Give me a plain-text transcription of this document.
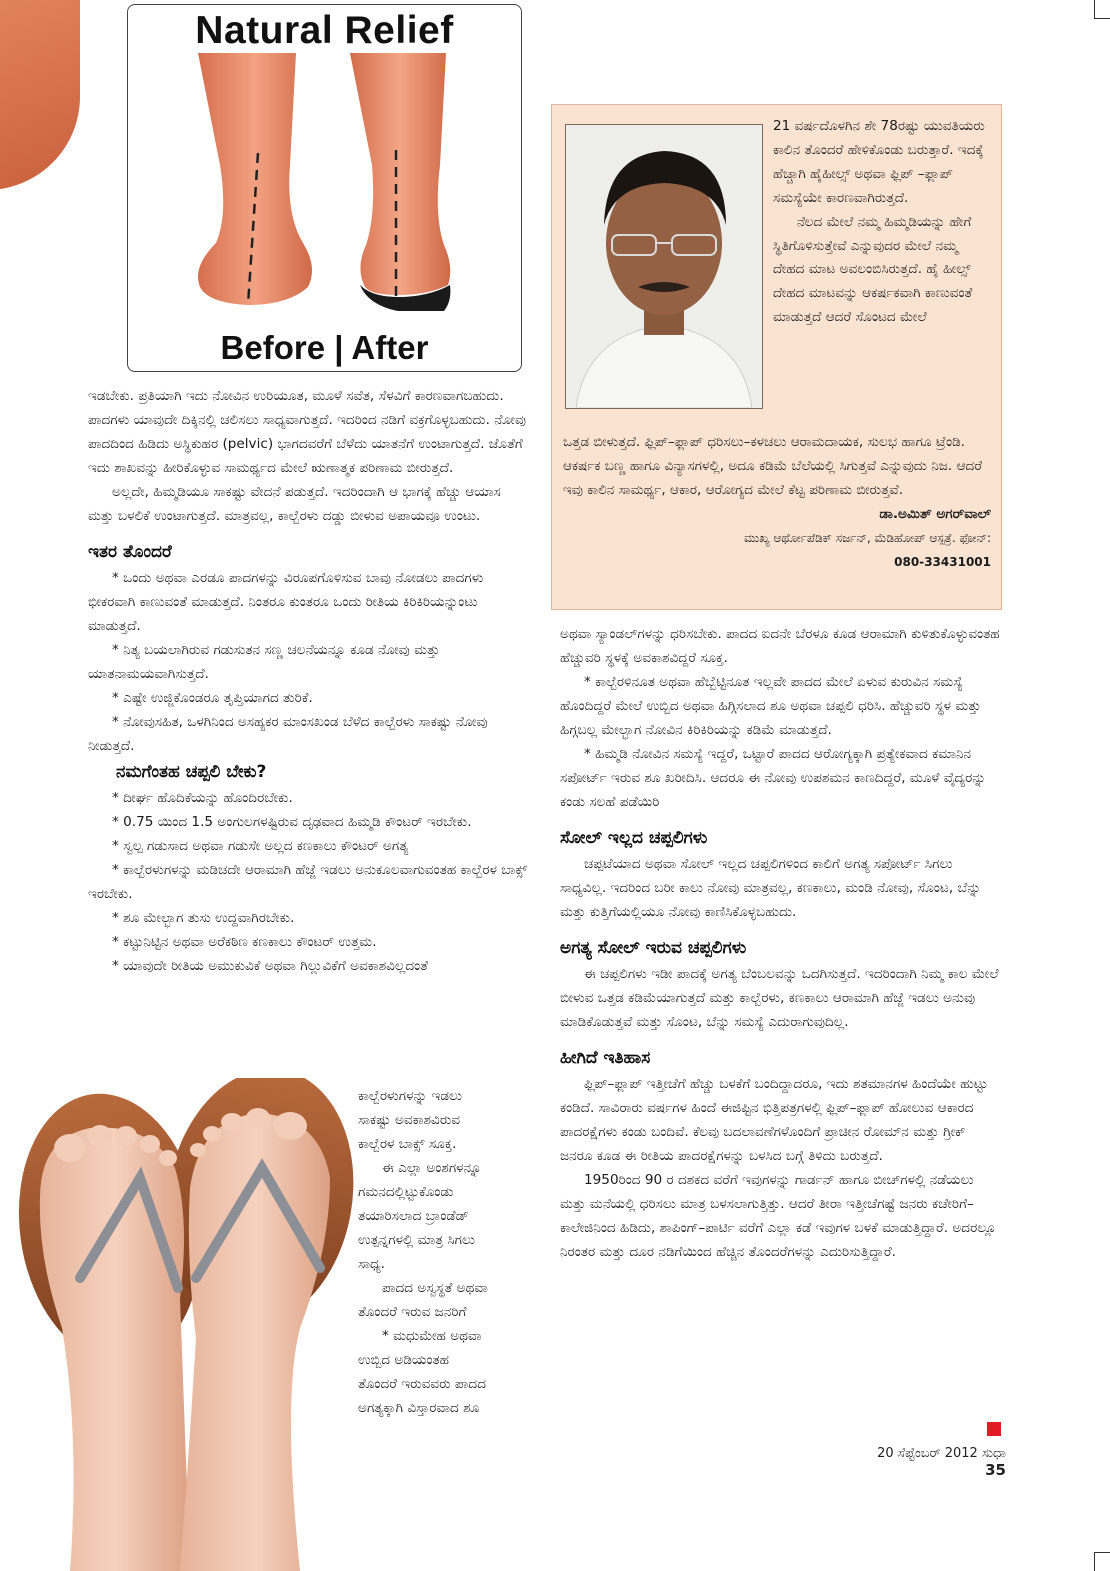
Natural Relief
Before | After

ಇಡಬೇಕು. ಪ್ರತಿಯಾಗಿ ಇದು ನೋವಿನ ಉರಿಯೂತ, ಮೂಳೆ ಸವೆತ, ಸೆಳವಿಗೆ ಕಾರಣವಾಗಬಹುದು. ಪಾದಗಳು ಯಾವುದೇ ದಿಕ್ಕಿನಲ್ಲಿ ಚಲಿಸಲು ಸಾಧ್ಯವಾಗುತ್ತದೆ. ಇದರಿಂದ ನಡಿಗೆ ವಕ್ರಗೊಳ್ಳಬಹುದು. ನೋವು ಪಾದದಿಂದ ಹಿಡಿದು ಅಸ್ಥಿಕುಹರ (pelvic) ಭಾಗದವರೆಗೆ ಬೆಳೆದು ಯಾತನೆಗೆ ಉಂಟಾಗುತ್ತದೆ. ಜೊತೆಗೆ ಇದು ಶಾಖವನ್ನು ಹೀರಿಕೊಳ್ಳುವ ಸಾಮರ್ಥ್ಯದ ಮೇಲೆ ಋಣಾತ್ಮಕ ಪರಿಣಾಮ ಬೀರುತ್ತದೆ.

ಅಲ್ಲದೇ, ಹಿಮ್ಮಡಿಯೂ ಸಾಕಷ್ಟು ವೇದನೆ ಪಡುತ್ತದೆ. ಇದರಿಂದಾಗಿ ಆ ಭಾಗಕ್ಕೆ ಹೆಚ್ಚು ಆಯಾಸ ಮತ್ತು ಬಳಲಿಕೆ ಉಂಟಾಗುತ್ತದೆ. ಮಾತ್ರವಲ್ಲ, ಕಾಲ್ಬೆರಳು ದಡ್ಡು ಬೀಳುವ ಅಪಾಯವೂ ಉಂಟು.

ಇತರ ತೊಂದರೆ

* ಒಂದು ಅಥವಾ ಎರಡೂ ಪಾದಗಳನ್ನು ವಿರೂಪಗೊಳಿಸುವ ಬಾವು ನೋಡಲು ಪಾದಗಳು ಭೀಕರವಾಗಿ ಕಾಣುವಂತೆ ಮಾಡುತ್ತದೆ. ನಿಂತರೂ ಕುಂತರೂ ಒಂದು ರೀತಿಯ ಕಿರಿಕಿರಿಯನ್ನುಂಟು ಮಾಡುತ್ತದೆ.

* ನಿತ್ಯ ಬಯಲಾಗಿರುವ ಗಡುಸುತನ ಸಣ್ಣ ಚಲನೆಯನ್ನೂ ಕೂಡ ನೋವು ಮತ್ತು ಯಾತನಾಮಯವಾಗಿಸುತ್ತದೆ.

* ಎಷ್ಟೇ ಉಜ್ಜಿಕೊಂಡರೂ ತೃಪ್ತಿಯಾಗದ ತುರಿಕೆ.

* ನೋವುಸಹಿತ, ಒಳಗಿನಿಂದ ಅಸಹ್ಯಕರ ಮಾಂಸಖಂಡ ಬೆಳೆದ ಕಾಲ್ಬೆರಳು ಸಾಕಷ್ಟು ನೋವು ನೀಡುತ್ತದೆ.

ನಮಗೆಂತಹ ಚಪ್ಪಲಿ ಬೇಕು?

* ದೀರ್ಘ ಹೊದಿಕೆಯನ್ನು ಹೊಂದಿರಬೇಕು.

* 0.75 ಯಿಂದ 1.5 ಅಂಗುಲಗಳಷ್ಟಿರುವ ದೃಢವಾದ ಹಿಮ್ಮಡಿ ಕೌಂಟರ್ ಇರಬೇಕು.

* ಸ್ವಲ್ಪ ಗಡುಸಾದ ಅಥವಾ ಗಡುಸೇ ಅಲ್ಲದ ಕಣಕಾಲು ಕೌಂಟರ್ ಅಗತ್ಯ

* ಕಾಲ್ಬೆರಳುಗಳನ್ನು ಮಡಿಚದೇ ಆರಾಮಾಗಿ ಹೆಜ್ಜೆ ಇಡಲು ಅನುಕೂಲವಾಗುವಂತಹ ಕಾಲ್ಬೆರಳ ಬಾಕ್ಸ್ ಇರಬೇಕು.

* ಶೂ ಮೇಲ್ಭಾಗ ತುಸು ಉದ್ದವಾಗಿರಬೇಕು.

* ಕಟ್ಟುನಿಟ್ಟಿನ ಅಥವಾ ಅರೆಕಠಿಣ ಕಣಕಾಲು ಕೌಂಟರ್ ಉತ್ತಮ.

* ಯಾವುದೇ ರೀತಿಯ ಅಮುಕುವಿಕೆ ಅಥವಾ ಗಿಲ್ಲುವಿಕೆಗೆ ಅವಕಾಶವಿಲ್ಲದಂತೆ

ಕಾಲ್ಬೆರಳುಗಳನ್ನು ಇಡಲು

ಸಾಕಷ್ಟು ಅವಕಾಶವಿರುವ

ಕಾಲ್ಬೆರಳ ಬಾಕ್ಸ್ ಸೂಕ್ತ.

ಈ ಎಲ್ಲಾ ಅಂಶಗಳನ್ನೂ

ಗಮನದಲ್ಲಿಟ್ಟುಕೊಂಡು

ತಯಾರಿಸಲಾದ ಬ್ರಾಂಡೆಡ್

ಉತ್ಪನ್ನಗಳಲ್ಲಿ ಮಾತ್ರ ಸಿಗಲು

ಸಾಧ್ಯ.

ಪಾದದ ಅಸ್ವಸ್ಥತೆ ಅಥವಾ

ತೊಂದರೆ ಇರುವ ಜನರಿಗೆ

* ಮಧುಮೇಹ ಅಥವಾ

ಉಬ್ಬಿದ ಅಡಿಯಂತಹ

ತೊಂದರೆ ಇರುವವರು ಪಾದದ

ಅಗತ್ಯಕ್ಕಾಗಿ ವಿಸ್ತಾರವಾದ ಶೂ

21 ವರ್ಷದೊಳಗಿನ ಶೇ 78ರಷ್ಟು ಯುವತಿಯರು ಕಾಲಿನ ತೊಂದರೆ ಹೇಳಿಕೊಂಡು ಬರುತ್ತಾರೆ. ಇದಕ್ಕೆ ಹೆಚ್ಚಾಗಿ ಹೈಹೀಲ್ಸ್ ಅಥವಾ ಫ್ಲಿಪ್ –ಫ್ಲಾಪ್ ಸಮಸ್ಯೆಯೇ ಕಾರಣವಾಗಿರುತ್ತದೆ.

ನೆಲದ ಮೇಲೆ ನಮ್ಮ ಹಿಮ್ಮಡಿಯನ್ನು ಹೇಗೆ ಸ್ಥಿತಿಗೊಳಿಸುತ್ತೇವೆ ಎನ್ನುವುದರ ಮೇಲೆ ನಮ್ಮ ದೇಹದ ಮಾಟ ಅವಲಂಬಿಸಿರುತ್ತದೆ. ಹೈ ಹೀಲ್ಸ್ ದೇಹದ ಮಾಟವನ್ನು ಆಕರ್ಷಕವಾಗಿ ಕಾಣುವಂತೆ ಮಾಡುತ್ತದೆ ಆದರೆ ಸೊಂಟದ ಮೇಲೆ

ಒತ್ತಡ ಬೀಳುತ್ತದೆ. ಫ್ಲಿಪ್–ಫ್ಲಾಪ್ ಧರಿಸಲು–ಕಳಚಲು ಆರಾಮದಾಯಕ, ಸುಲಭ ಹಾಗೂ ಟ್ರೆಂಡಿ. ಆಕರ್ಷಕ ಬಣ್ಣ ಹಾಗೂ ವಿನ್ಯಾಸಗಳಲ್ಲಿ, ಅದೂ ಕಡಿಮೆ ಬೆಲೆಯಲ್ಲಿ ಸಿಗುತ್ತವೆ ಎನ್ನುವುದು ನಿಜ. ಆದರೆ ಇವು ಕಾಲಿನ ಸಾಮರ್ಥ್ಯ, ಆಕಾರ, ಆರೋಗ್ಯದ ಮೇಲೆ ಕೆಟ್ಟ ಪರಿಣಾಮ ಬೀರುತ್ತವೆ.

ಡಾ.ಅಮಿತ್ ಅಗರ್‌ವಾಲ್

ಮುಖ್ಯ ಆರ್ಥೋಪೆಡಿಕ್ ಸರ್ಜನ್, ಮೆಡಿಹೋಪ್ ಆಸ್ಪತ್ರೆ. ಫೋನ್:

080-33431001

ಅಥವಾ ಸ್ಯಾಂಡಲ್‌ಗಳನ್ನು ಧರಿಸಬೇಕು. ಪಾದದ ಐದನೇ ಬೆರಳೂ ಕೂಡ ಆರಾಮಾಗಿ ಕುಳಿತುಕೊಳ್ಳುವಂತಹ ಹೆಚ್ಚುವರಿ ಸ್ಥಳಕ್ಕೆ ಅವಕಾಶವಿದ್ದರೆ ಸೂಕ್ತ.

* ಕಾಲ್ಬೆರಳಿನೂತ ಅಥವಾ ಹೆಬ್ಬೆಟ್ಟಿನೂತ ಇಲ್ಲವೇ ಪಾದದ ಮೇಲೆ ಏಳುವ ಕುರುವಿನ ಸಮಸ್ಯೆ ಹೊಂದಿದ್ದರೆ ಮೇಲೆ ಉಬ್ಬಿದ ಅಥವಾ ಹಿಗ್ಗಿಸಲಾದ ಶೂ ಅಥವಾ ಚಪ್ಪಲಿ ಧರಿಸಿ. ಹೆಚ್ಚುವರಿ ಸ್ಥಳ ಮತ್ತು ಹಿಗ್ಗಬಲ್ಲ ಮೇಲ್ಭಾಗ ನೋವಿನ ಕಿರಿಕಿರಿಯನ್ನು ಕಡಿಮೆ ಮಾಡುತ್ತದೆ.

* ಹಿಮ್ಮಡಿ ನೋವಿನ ಸಮಸ್ಯೆ ಇದ್ದರೆ, ಒಟ್ಟಾರೆ ಪಾದದ ಆರೋಗ್ಯಕ್ಕಾಗಿ ಪ್ರತ್ಯೇಕವಾದ ಕಮಾನಿನ ಸಪೋರ್ಟ್ ಇರುವ ಶೂ ಖರೀದಿಸಿ. ಆದರೂ ಈ ನೋವು ಉಪಶಮನ ಕಾಣದಿದ್ದರೆ, ಮೂಳೆ ವೈದ್ಯರನ್ನು ಕಂಡು ಸಲಹೆ ಪಡೆಯಿರಿ

ಸೋಲ್ ಇಲ್ಲದ ಚಪ್ಪಲಿಗಳು

ಚಪ್ಪಟೆಯಾದ ಅಥವಾ ಸೋಲ್ ಇಲ್ಲದ ಚಪ್ಪಲಿಗಳಿಂದ ಕಾಲಿಗೆ ಅಗತ್ಯ ಸಪೋರ್ಟ್ ಸಿಗಲು ಸಾಧ್ಯವಿಲ್ಲ. ಇದರಿಂದ ಬರೀ ಕಾಲು ನೋವು ಮಾತ್ರವಲ್ಲ, ಕಣಕಾಲು, ಮಂಡಿ ನೋವು, ಸೊಂಟ, ಬೆನ್ನು ಮತ್ತು ಕುತ್ತಿಗೆಯಲ್ಲಿಯೂ ನೋವು ಕಾಣಿಸಿಕೊಳ್ಳಬಹುದು.

ಅಗತ್ಯ ಸೋಲ್ ಇರುವ ಚಪ್ಪಲಿಗಳು

ಈ ಚಪ್ಪಲಿಗಳು ಇಡೀ ಪಾದಕ್ಕೆ ಅಗತ್ಯ ಬೆಂಬಲವನ್ನು ಒದಗಿಸುತ್ತದೆ. ಇದರಿಂದಾಗಿ ನಿಮ್ಮ ಕಾಲ ಮೇಲೆ ಬೀಳುವ ಒತ್ತಡ ಕಡಿಮೆಯಾಗುತ್ತದೆ ಮತ್ತು ಕಾಲ್ಬೆರಳು, ಕಣಕಾಲು ಆರಾಮಾಗಿ ಹೆಜ್ಜೆ ಇಡಲು ಅನುವು ಮಾಡಿಕೊಡುತ್ತವೆ ಮತ್ತು ಸೊಂಟ, ಬೆನ್ನು ಸಮಸ್ಯೆ ಎದುರಾಗುವುದಿಲ್ಲ.

ಹೀಗಿದೆ ಇತಿಹಾಸ

ಫ್ಲಿಪ್–ಫ್ಲಾಪ್ ಇತ್ತೀಚೆಗೆ ಹೆಚ್ಚು ಬಳಕೆಗೆ ಬಂದಿದ್ದಾದರೂ, ಇದು ಶತಮಾನಗಳ ಹಿಂದೆಯೇ ಹುಟ್ಟು ಕಂಡಿದೆ. ಸಾವಿರಾರು ವರ್ಷಗಳ ಹಿಂದೆ ಈಜಿಪ್ಟಿನ ಭಿತ್ತಿಪತ್ರಗಳಲ್ಲಿ ಫ್ಲಿಪ್–ಫ್ಲಾಪ್ ಹೋಲುವ ಆಕಾರದ ಪಾದರಕ್ಷೆಗಳು ಕಂಡು ಬಂದಿವೆ. ಕೆಲವು ಬದಲಾವಣೆಗಳೊಂದಿಗೆ ಪ್ರಾಚೀನ ರೋಮ್‌ನ ಮತ್ತು ಗ್ರೀಕ್ ಜನರೂ ಕೂಡ ಈ ರೀತಿಯ ಪಾದರಕ್ಷೆಗಳನ್ನು ಬಳಸಿದ ಬಗ್ಗೆ ತಿಳಿದು ಬರುತ್ತದೆ.

1950ರಿಂದ 90 ರ ದಶಕದ ವರೆಗೆ ಇವುಗಳನ್ನು ಗಾರ್ಡನ್ ಹಾಗೂ ಬೀಚ್‌ಗಳಲ್ಲಿ ನಡೆಯಲು ಮತ್ತು ಮನೆಯಲ್ಲಿ ಧರಿಸಲು ಮಾತ್ರ ಬಳಸಲಾಗುತ್ತಿತ್ತು. ಆದರೆ ತೀರಾ ಇತ್ತೀಚೆಗಷ್ಟೆ ಜನರು ಕಚೇರಿಗೆ–ಕಾಲೇಜಿನಿಂದ ಹಿಡಿದು, ಶಾಪಿಂಗ್–ಪಾರ್ಟಿ ವರೆಗೆ ಎಲ್ಲಾ ಕಡೆ ಇವುಗಳ ಬಳಕೆ ಮಾಡುತ್ತಿದ್ದಾರೆ. ಅದರಲ್ಲೂ ನಿರಂತರ ಮತ್ತು ದೂರ ನಡಿಗೆಯಿಂದ ಹೆಚ್ಚಿನ ತೊಂದರೆಗಳನ್ನು ಎದುರಿಸುತ್ತಿದ್ದಾರೆ.

20 ಸೆಪ್ಟೆಂಬರ್ 2012 ಸುಧಾ 35
